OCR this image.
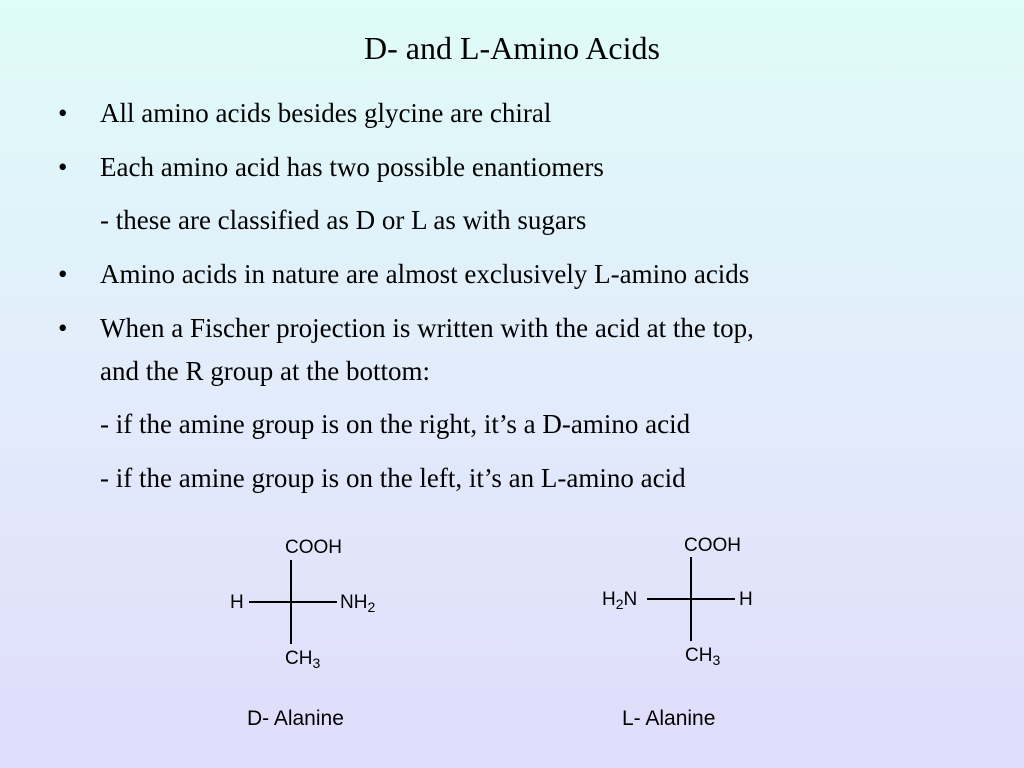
D- and L-Amino Acids
• All amino acids besides glycine are chiral
• Each amino acid has two possible enantiomers
- these are classified as D or L as with sugars
• Amino acids in nature are almost exclusively L-amino acids
• When a Fischer projection is written with the acid at the top,
and the R group at the bottom:
- if the amine group is on the right, it’s a D-amino acid
- if the amine group is on the left, it’s an L-amino acid
COOH
H	$NH_2$
$CH_3$
D- Alanine
COOH
$H_2N$	H
$CH_3$
L- Alanine
